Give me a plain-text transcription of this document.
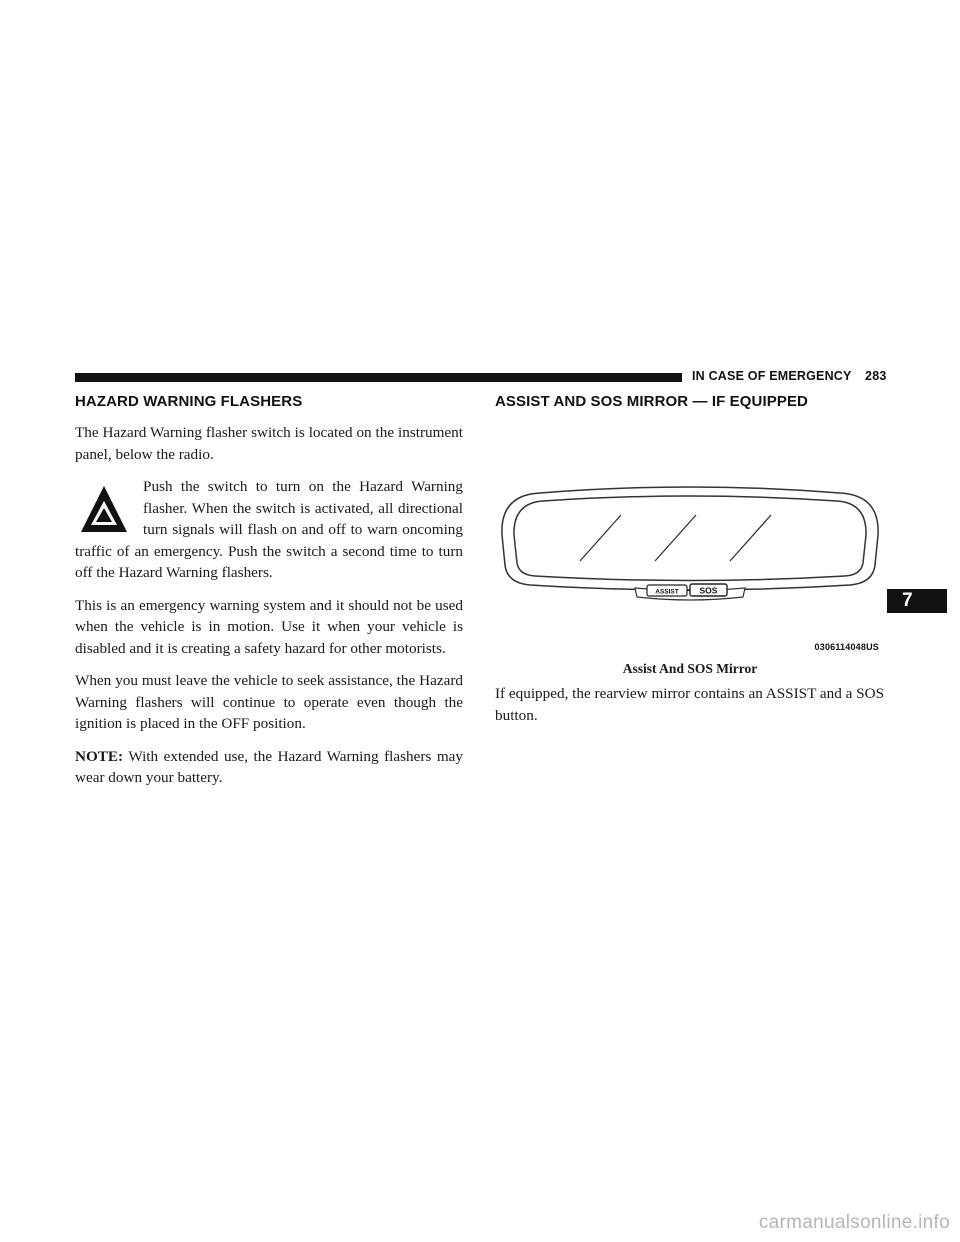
IN CASE OF EMERGENCY 283
HAZARD WARNING FLASHERS

The Hazard Warning flasher switch is located on the instrument panel, below the radio.

Push the switch to turn on the Hazard Warning flasher. When the switch is activated, all directional turn signals will flash on and off to warn oncoming traffic of an emergency. Push the switch a second time to turn off the Hazard Warning flashers.

This is an emergency warning system and it should not be used when the vehicle is in motion. Use it when your vehicle is disabled and it is creating a safety hazard for other motorists.

When you must leave the vehicle to seek assistance, the Hazard Warning flashers will continue to operate even though the ignition is placed in the OFF position.

NOTE: With extended use, the Hazard Warning flashers may wear down your battery.

ASSIST AND SOS MIRROR — IF EQUIPPED
ASSIST SOS
0306114048US
Assist And SOS Mirror

If equipped, the rearview mirror contains an ASSIST and a SOS button.

7
carmanualsonline.info
